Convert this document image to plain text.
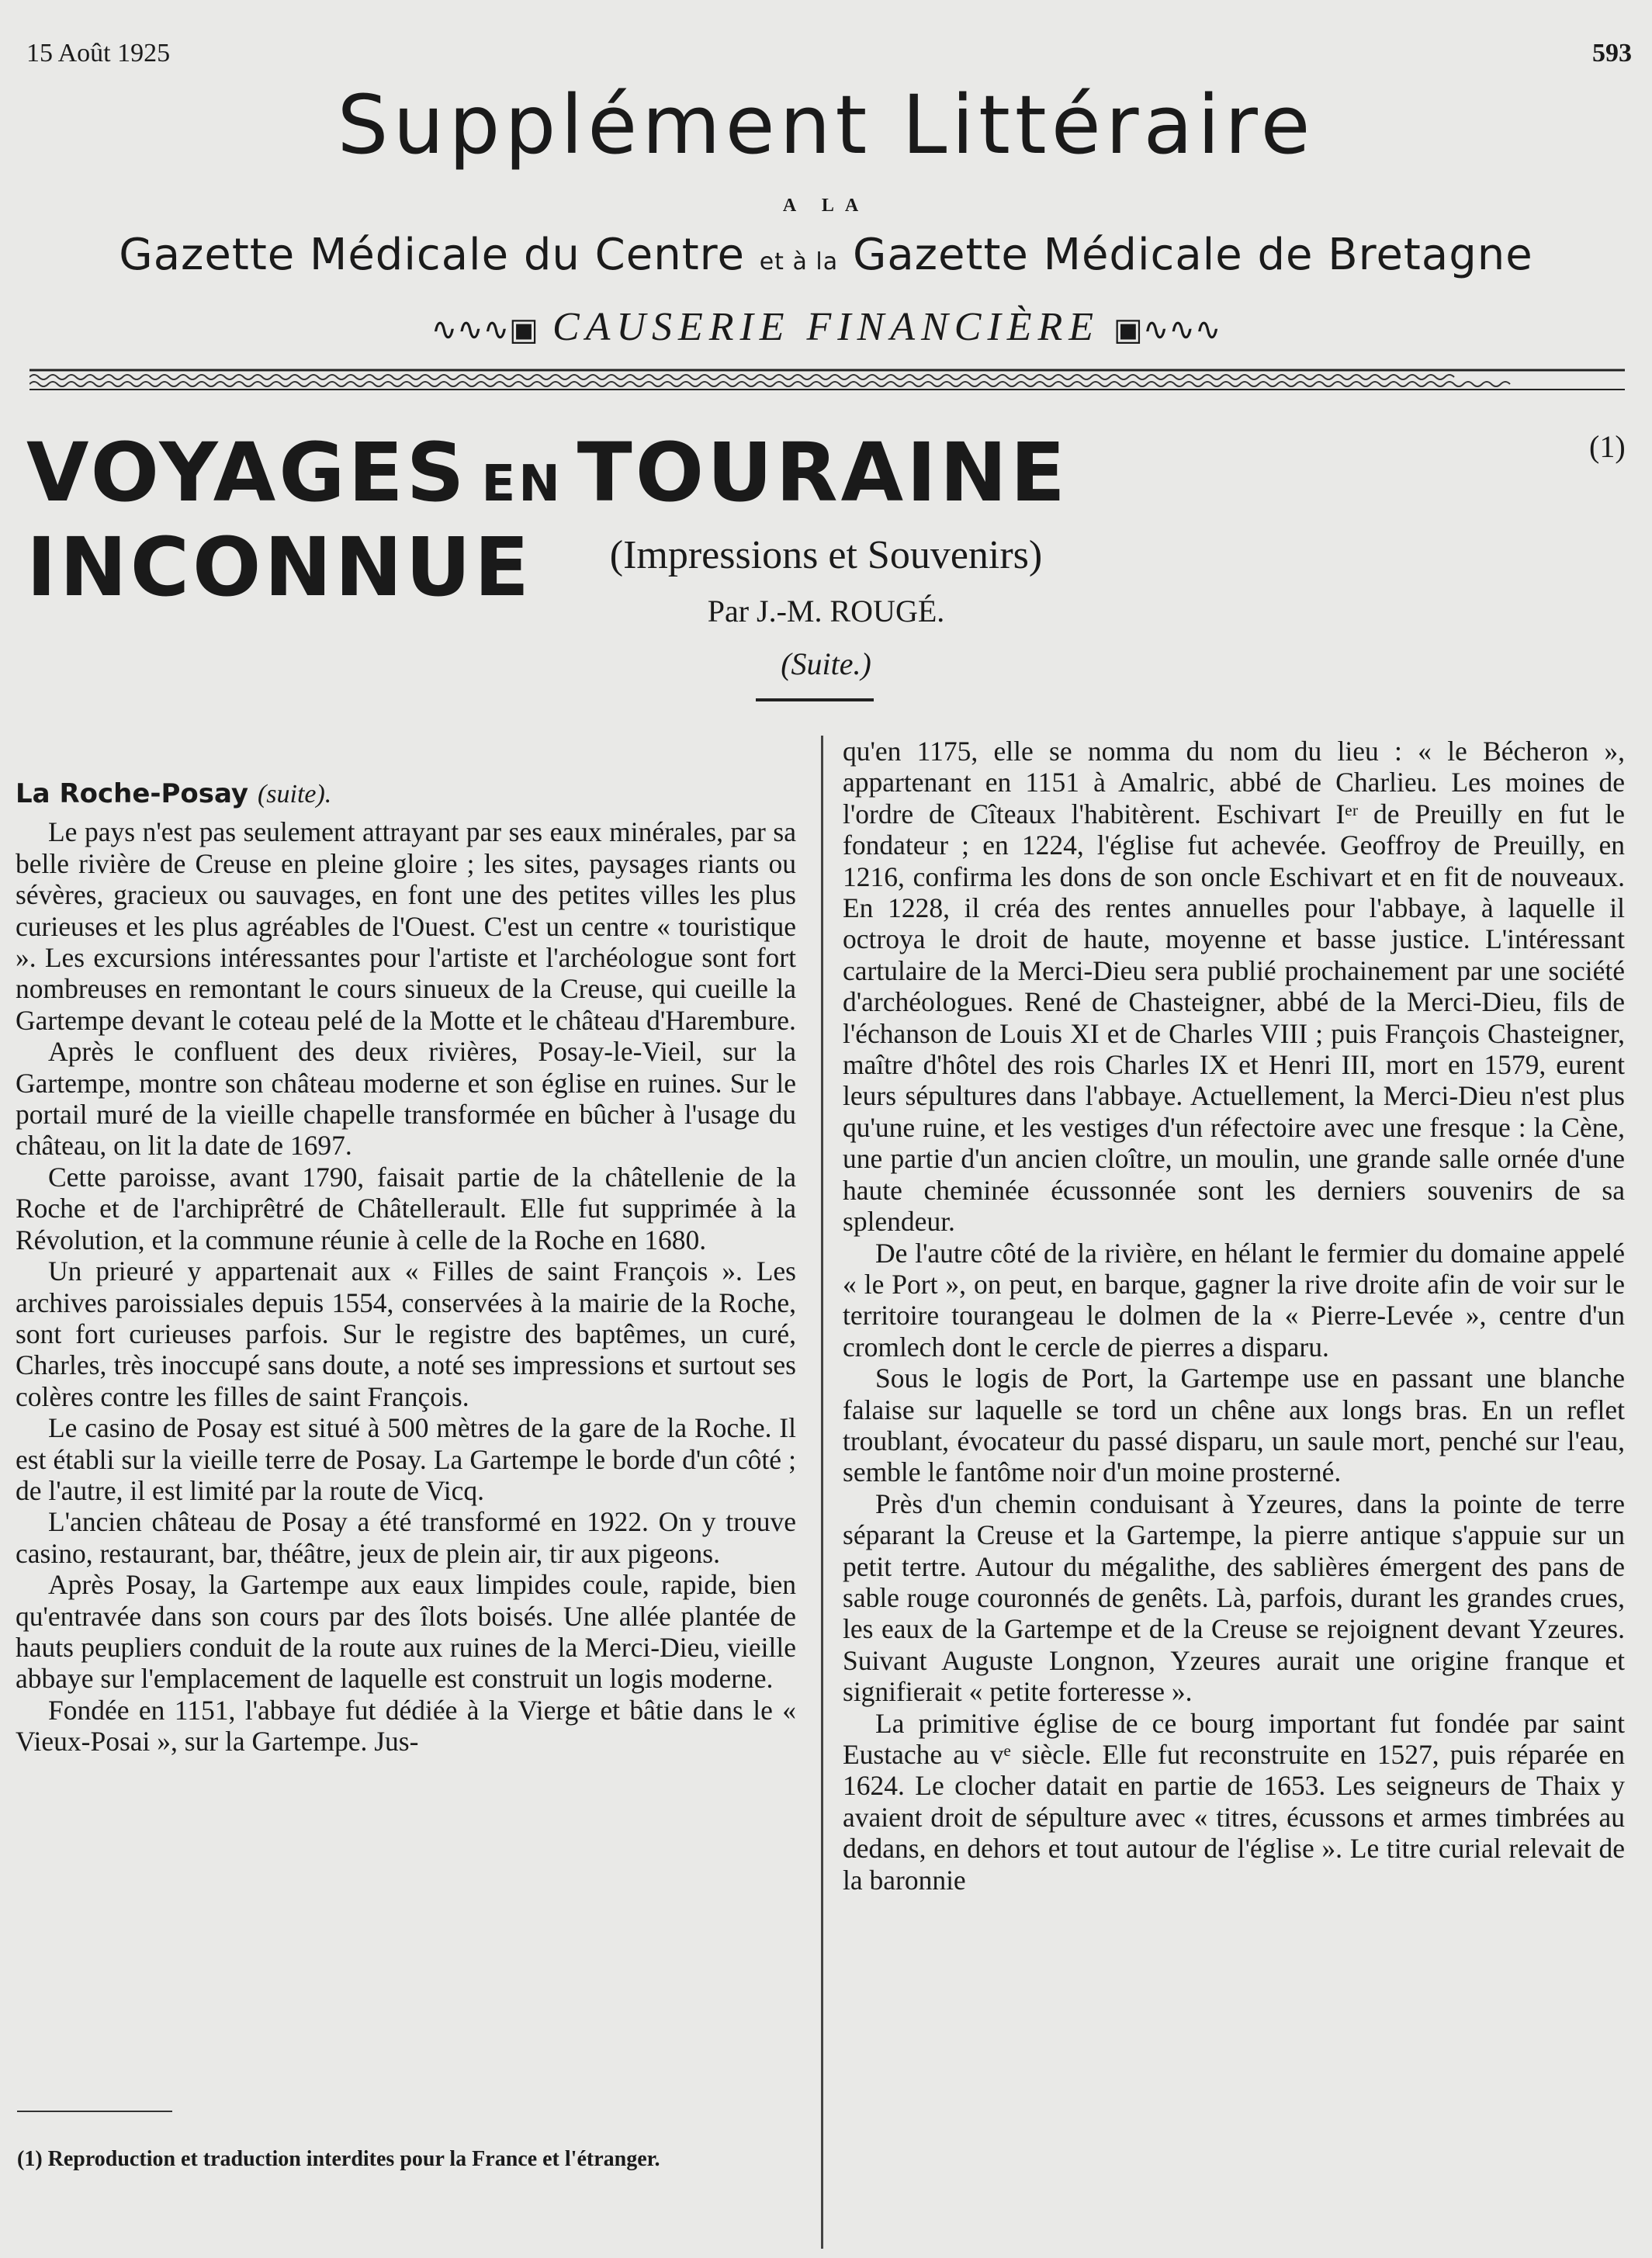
15 Août 1925	593
Supplément Littéraire
A LA
Gazette Médicale du Centre et à la Gazette Médicale de Bretagne
∿∿∿▣ CAUSERIE FINANCIÈRE ▣∿∿∿
VOYAGES EN TOURAINE INCONNUE
(1)
(Impressions et Souvenirs)
Par J.-M. ROUGÉ.
(Suite.)
La Roche-Posay (suite).

Le pays n'est pas seulement attrayant par ses eaux minérales, par sa belle rivière de Creuse en pleine gloire ; les sites, paysages riants ou sévères, gracieux ou sauvages, en font une des petites villes les plus curieuses et les plus agréables de l'Ouest. C'est un centre « touristique ». Les excursions intéressantes pour l'artiste et l'archéologue sont fort nombreuses en remontant le cours sinueux de la Creuse, qui cueille la Gartempe devant le coteau pelé de la Motte et le château d'Harembure.

Après le confluent des deux rivières, Posay-le-Vieil, sur la Gartempe, montre son château moderne et son église en ruines. Sur le portail muré de la vieille chapelle transformée en bûcher à l'usage du château, on lit la date de 1697.

Cette paroisse, avant 1790, faisait partie de la châtellenie de la Roche et de l'archiprêtré de Châtellerault. Elle fut supprimée à la Révolution, et la commune réunie à celle de la Roche en 1680.

Un prieuré y appartenait aux « Filles de saint François ». Les archives paroissiales depuis 1554, conservées à la mairie de la Roche, sont fort curieuses parfois. Sur le registre des baptêmes, un curé, Charles, très inoccupé sans doute, a noté ses impressions et surtout ses colères contre les filles de saint François.

Le casino de Posay est situé à 500 mètres de la gare de la Roche. Il est établi sur la vieille terre de Posay. La Gartempe le borde d'un côté ; de l'autre, il est limité par la route de Vicq.

L'ancien château de Posay a été transformé en 1922. On y trouve casino, restaurant, bar, théâtre, jeux de plein air, tir aux pigeons.

Après Posay, la Gartempe aux eaux limpides coule, rapide, bien qu'entravée dans son cours par des îlots boisés. Une allée plantée de hauts peupliers conduit de la route aux ruines de la Merci-Dieu, vieille abbaye sur l'emplacement de laquelle est construit un logis moderne.

Fondée en 1151, l'abbaye fut dédiée à la Vierge et bâtie dans le « Vieux-Posai », sur la Gartempe. Jus-

qu'en 1175, elle se nomma du nom du lieu : « le Bécheron », appartenant en 1151 à Amalric, abbé de Charlieu. Les moines de l'ordre de Cîteaux l'habitèrent. Eschivart Iᵉʳ de Preuilly en fut le fondateur ; en 1224, l'église fut achevée. Geoffroy de Preuilly, en 1216, confirma les dons de son oncle Eschivart et en fit de nouveaux. En 1228, il créa des rentes annuelles pour l'abbaye, à laquelle il octroya le droit de haute, moyenne et basse justice. L'intéressant cartulaire de la Merci-Dieu sera publié prochainement par une société d'archéologues. René de Chasteigner, abbé de la Merci-Dieu, fils de l'échanson de Louis XI et de Charles VIII ; puis François Chasteigner, maître d'hôtel des rois Charles IX et Henri III, mort en 1579, eurent leurs sépultures dans l'abbaye. Actuellement, la Merci-Dieu n'est plus qu'une ruine, et les vestiges d'un réfectoire avec une fresque : la Cène, une partie d'un ancien cloître, un moulin, une grande salle ornée d'une haute cheminée écussonnée sont les derniers souvenirs de sa splendeur.

De l'autre côté de la rivière, en hélant le fermier du domaine appelé « le Port », on peut, en barque, gagner la rive droite afin de voir sur le territoire tourangeau le dolmen de la « Pierre-Levée », centre d'un cromlech dont le cercle de pierres a disparu.

Sous le logis de Port, la Gartempe use en passant une blanche falaise sur laquelle se tord un chêne aux longs bras. En un reflet troublant, évocateur du passé disparu, un saule mort, penché sur l'eau, semble le fantôme noir d'un moine prosterné.

Près d'un chemin conduisant à Yzeures, dans la pointe de terre séparant la Creuse et la Gartempe, la pierre antique s'appuie sur un petit tertre. Autour du mégalithe, des sablières émergent des pans de sable rouge couronnés de genêts. Là, parfois, durant les grandes crues, les eaux de la Gartempe et de la Creuse se rejoignent devant Yzeures. Suivant Auguste Longnon, Yzeures aurait une origine franque et signifierait « petite forteresse ».

La primitive église de ce bourg important fut fondée par saint Eustache au vᵉ siècle. Elle fut reconstruite en 1527, puis réparée en 1624. Le clocher datait en partie de 1653. Les seigneurs de Thaix y avaient droit de sépulture avec « titres, écussons et armes timbrées au dedans, en dehors et tout autour de l'église ». Le titre curial relevait de la baronnie

(1) Reproduction et traduction interdites pour la France et l'étranger.
